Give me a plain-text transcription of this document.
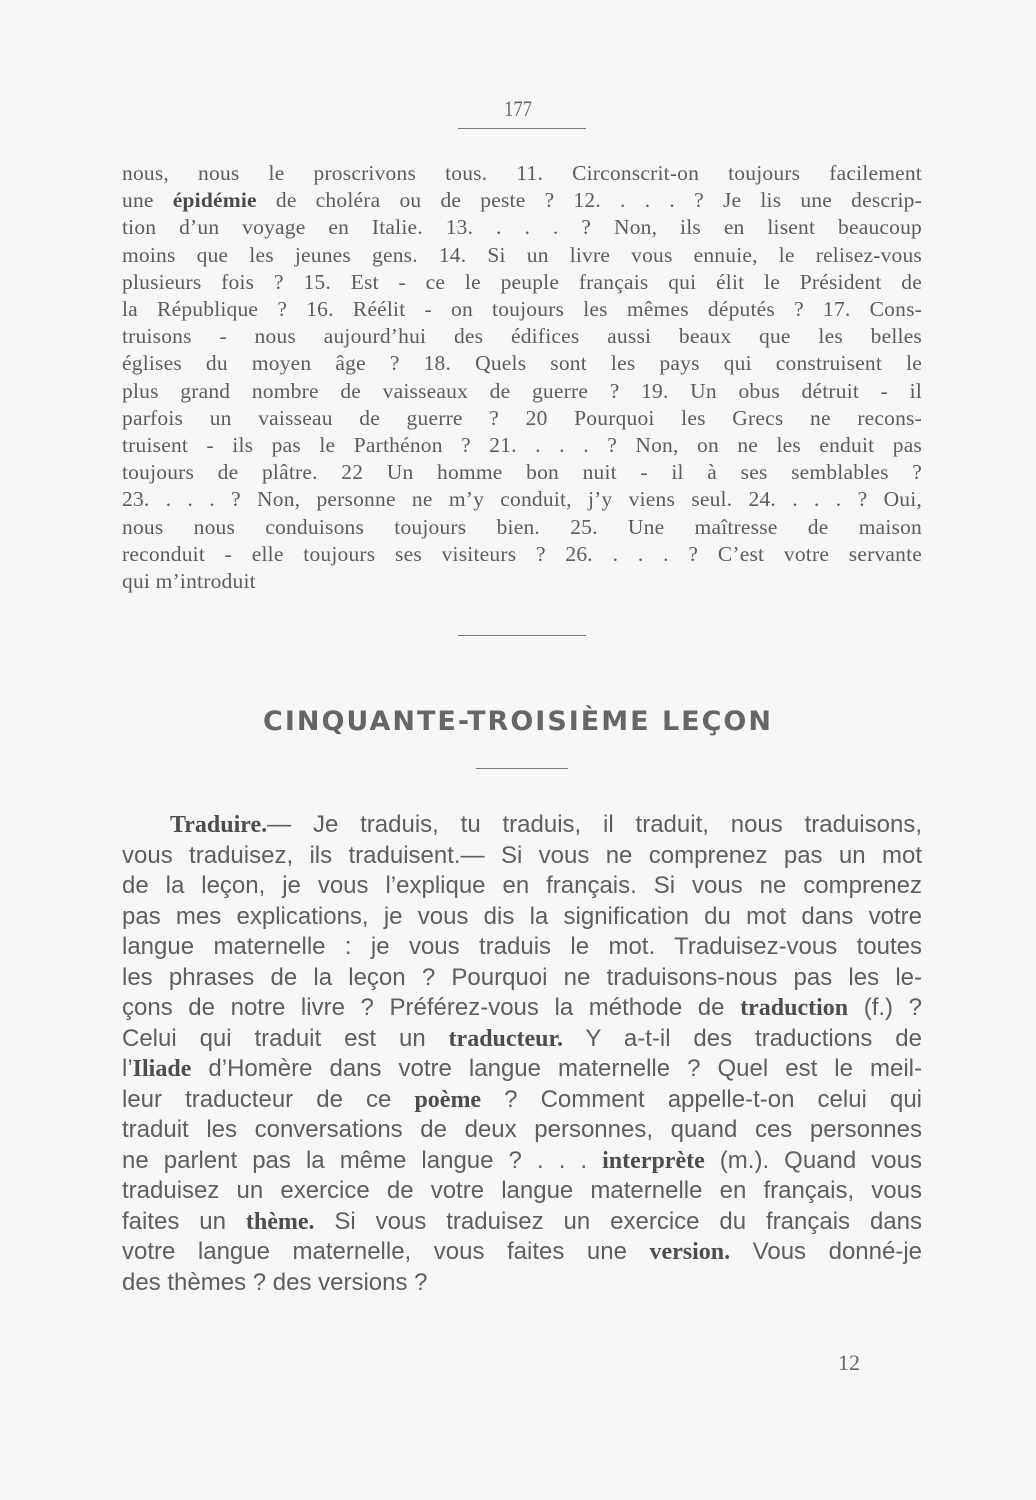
177
nous, nous le proscrivons tous. 11. Circonscrit-on toujours facilement
une épidémie de choléra ou de peste ? 12. . . . ? Je lis une descrip-
tion d’un voyage en Italie. 13. . . . ? Non, ils en lisent beaucoup
moins que les jeunes gens. 14. Si un livre vous ennuie, le relisez-vous
plusieurs fois ? 15. Est - ce le peuple français qui élit le Président de
la République ? 16. Réélit - on toujours les mêmes députés ? 17. Cons-
truisons - nous aujourd’hui des édifices aussi beaux que les belles
églises du moyen âge ? 18. Quels sont les pays qui construisent le
plus grand nombre de vaisseaux de guerre ? 19. Un obus détruit - il
parfois un vaisseau de guerre ? 20 Pourquoi les Grecs ne recons-
truisent - ils pas le Parthénon ? 21. . . . ? Non, on ne les enduit pas
toujours de plâtre. 22 Un homme bon nuit - il à ses semblables ?
23. . . . ? Non, personne ne m’y conduit, j’y viens seul. 24. . . . ? Oui,
nous nous conduisons toujours bien. 25. Une maîtresse de maison
reconduit - elle toujours ses visiteurs ? 26. . . . ? C’est votre servante
qui m’introduit
CINQUANTE-TROISIÈME LEÇON
Traduire.— Je traduis, tu traduis, il traduit, nous traduisons,
vous traduisez, ils traduisent.— Si vous ne comprenez pas un mot
de la leçon, je vous l’explique en français. Si vous ne comprenez
pas mes explications, je vous dis la signification du mot dans votre
langue maternelle : je vous traduis le mot. Traduisez-vous toutes
les phrases de la leçon ? Pourquoi ne traduisons-nous pas les le-
çons de notre livre ? Préférez-vous la méthode de traduction (f.) ?
Celui qui traduit est un traducteur. Y a-t-il des traductions de
l’Iliade d’Homère dans votre langue maternelle ? Quel est le meil-
leur traducteur de ce poème ? Comment appelle-t-on celui qui
traduit les conversations de deux personnes, quand ces personnes
ne parlent pas la même langue ? . . . interprète (m.). Quand vous
traduisez un exercice de votre langue maternelle en français, vous
faites un thème. Si vous traduisez un exercice du français dans
votre langue maternelle, vous faites une version. Vous donné-je
des thèmes ? des versions ?
12
